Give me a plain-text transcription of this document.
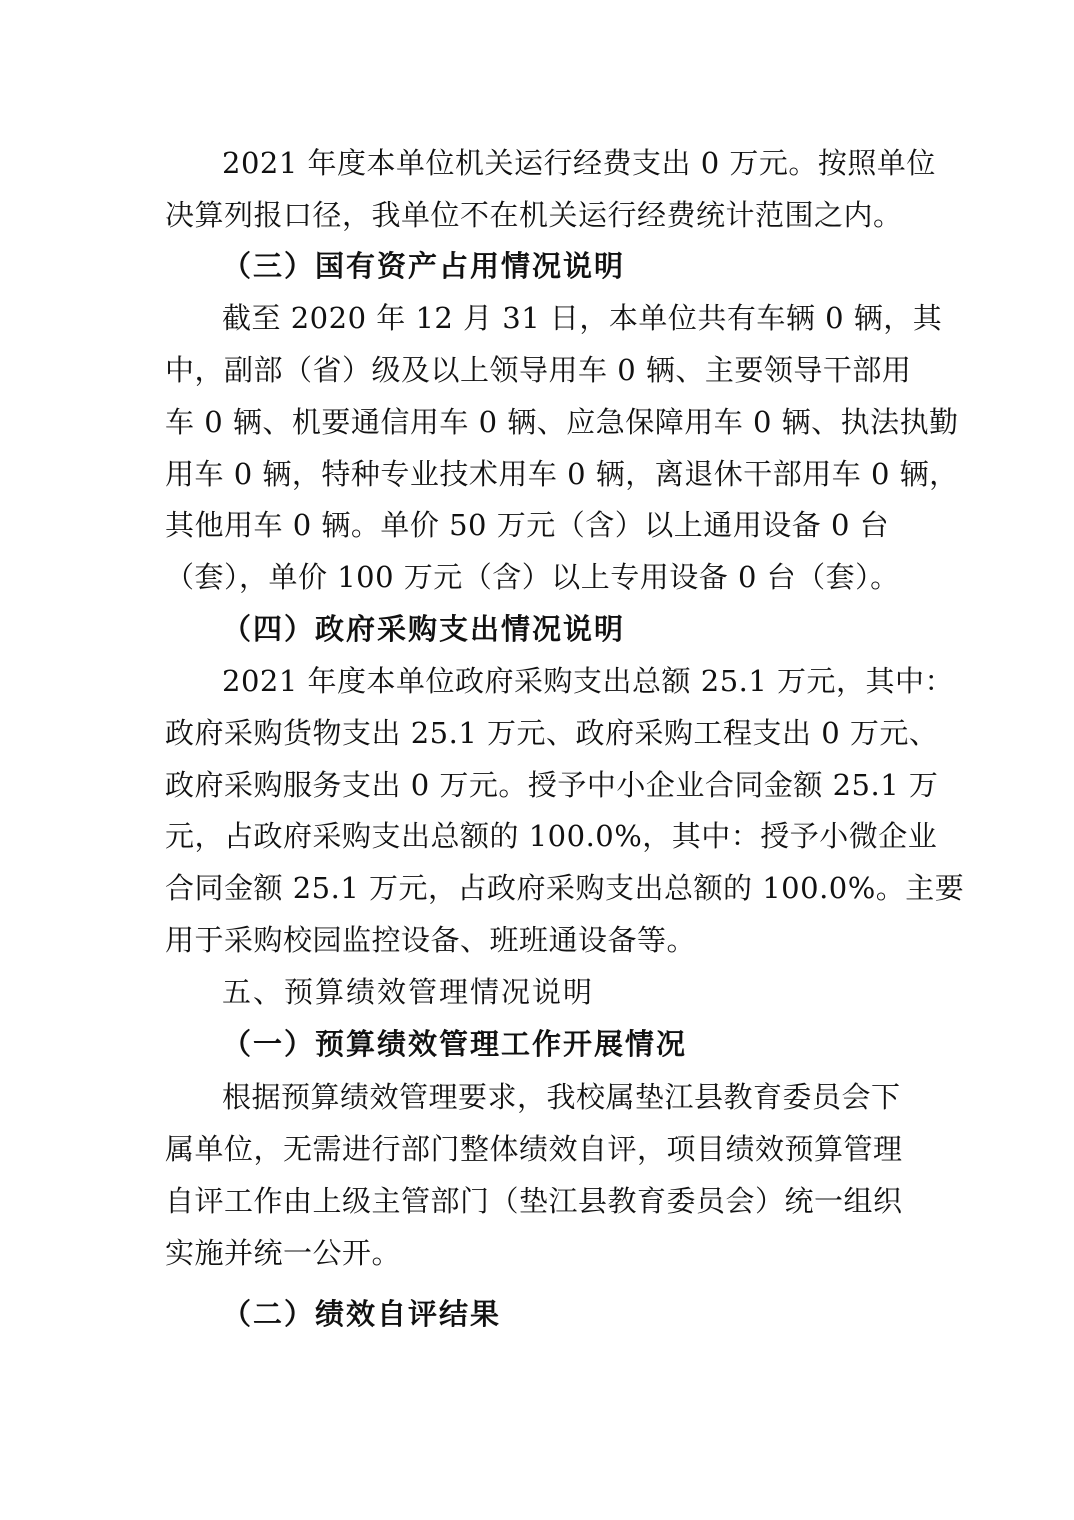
2021 年度本单位机关运行经费支出 0 万元。按照单位

决算列报口径，我单位不在机关运行经费统计范围之内。

（三）国有资产占用情况说明

截至 2020 年 12 月 31 日，本单位共有车辆 0 辆，其

中，副部（省）级及以上领导用车 0 辆、主要领导干部用

车 0 辆、机要通信用车 0 辆、应急保障用车 0 辆、执法执勤

用车 0 辆，特种专业技术用车 0 辆，离退休干部用车 0 辆，

其他用车 0 辆。单价 50 万元（含）以上通用设备 0 台

（套），单价 100 万元（含）以上专用设备 0 台（套）。

（四）政府采购支出情况说明

2021 年度本单位政府采购支出总额 25.1 万元，其中：

政府采购货物支出 25.1 万元、政府采购工程支出 0 万元、

政府采购服务支出 0 万元。授予中小企业合同金额 25.1 万

元，占政府采购支出总额的 100.0%，其中：授予小微企业

合同金额 25.1 万元，占政府采购支出总额的 100.0%。主要

用于采购校园监控设备、班班通设备等。

五、预算绩效管理情况说明

（一）预算绩效管理工作开展情况

根据预算绩效管理要求，我校属垫江县教育委员会下

属单位，无需进行部门整体绩效自评，项目绩效预算管理

自评工作由上级主管部门（垫江县教育委员会）统一组织

实施并统一公开。

（二）绩效自评结果
